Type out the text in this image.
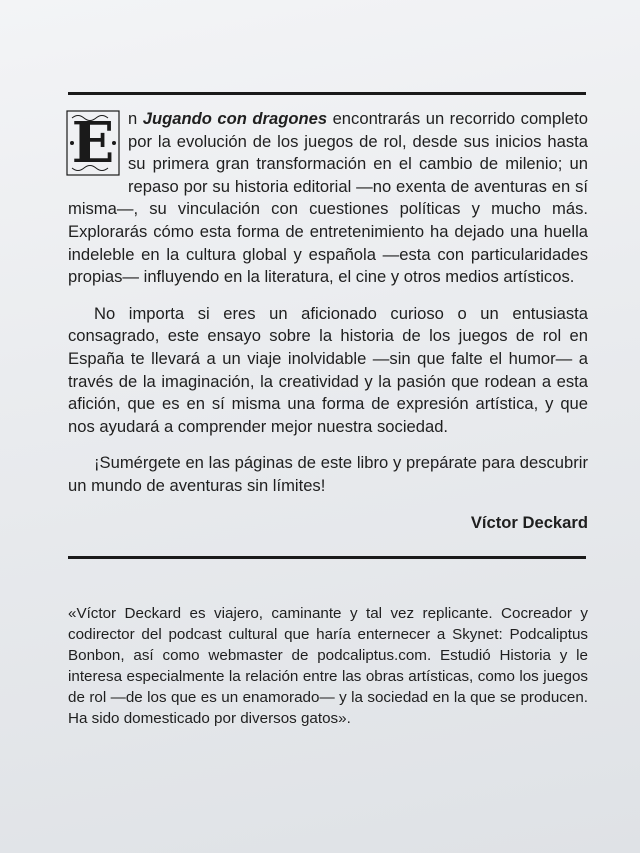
E n Jugando con dragones encontrarás un recorrido completo por la evolución de los juegos de rol, desde sus inicios hasta su primera gran transformación en el cambio de milenio; un repaso por su historia editorial —no exenta de aventuras en sí misma—, su vinculación con cuestiones políticas y mucho más. Explorarás cómo esta forma de entretenimiento ha dejado una huella indeleble en la cultura global y española —esta con particularidades propias— influyendo en la literatura, el cine y otros medios artísticos.

No importa si eres un aficionado curioso o un entusiasta consagrado, este ensayo sobre la historia de los juegos de rol en España te llevará a un viaje inolvidable —sin que falte el humor— a través de la imaginación, la creatividad y la pasión que rodean a esta afición, que es en sí misma una forma de expresión artística, y que nos ayudará a comprender mejor nuestra sociedad.

¡Sumérgete en las páginas de este libro y prepárate para descubrir un mundo de aventuras sin límites!

Víctor Deckard

«Víctor Deckard es viajero, caminante y tal vez replicante. Cocreador y codirector del podcast cultural que haría enternecer a Skynet: Podcaliptus Bonbon, así como webmaster de podcaliptus.com. Estudió Historia y le interesa especialmente la relación entre las obras artísticas, como los juegos de rol —de los que es un enamorado— y la sociedad en la que se producen. Ha sido domesticado por diversos gatos».
